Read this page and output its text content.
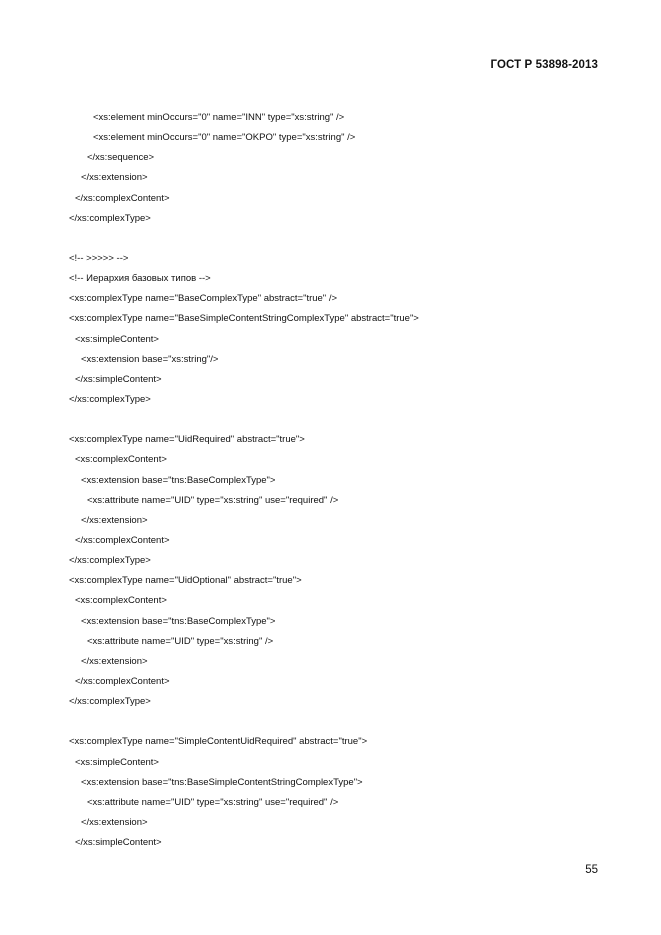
ГОСТ Р 53898-2013
<xs:element minOccurs="0" name="INN" type="xs:string" />
<xs:element minOccurs="0" name="OKPO" type="xs:string" />
</xs:sequence>
</xs:extension>
</xs:complexContent>
</xs:complexType>
<!-- >>>>> -->
<!-- Иерархия базовых типов -->
<xs:complexType name="BaseComplexType" abstract="true" />
<xs:complexType name="BaseSimpleContentStringComplexType" abstract="true">
<xs:simpleContent>
<xs:extension base="xs:string"/>
</xs:simpleContent>
</xs:complexType>
<xs:complexType name="UidRequired" abstract="true">
<xs:complexContent>
<xs:extension base="tns:BaseComplexType">
<xs:attribute name="UID" type="xs:string" use="required" />
</xs:extension>
</xs:complexContent>
</xs:complexType>
<xs:complexType name="UidOptional" abstract="true">
<xs:complexContent>
<xs:extension base="tns:BaseComplexType">
<xs:attribute name="UID" type="xs:string" />
</xs:extension>
</xs:complexContent>
</xs:complexType>
<xs:complexType name="SimpleContentUidRequired" abstract="true">
<xs:simpleContent>
<xs:extension base="tns:BaseSimpleContentStringComplexType">
<xs:attribute name="UID" type="xs:string" use="required" />
</xs:extension>
</xs:simpleContent>
55
